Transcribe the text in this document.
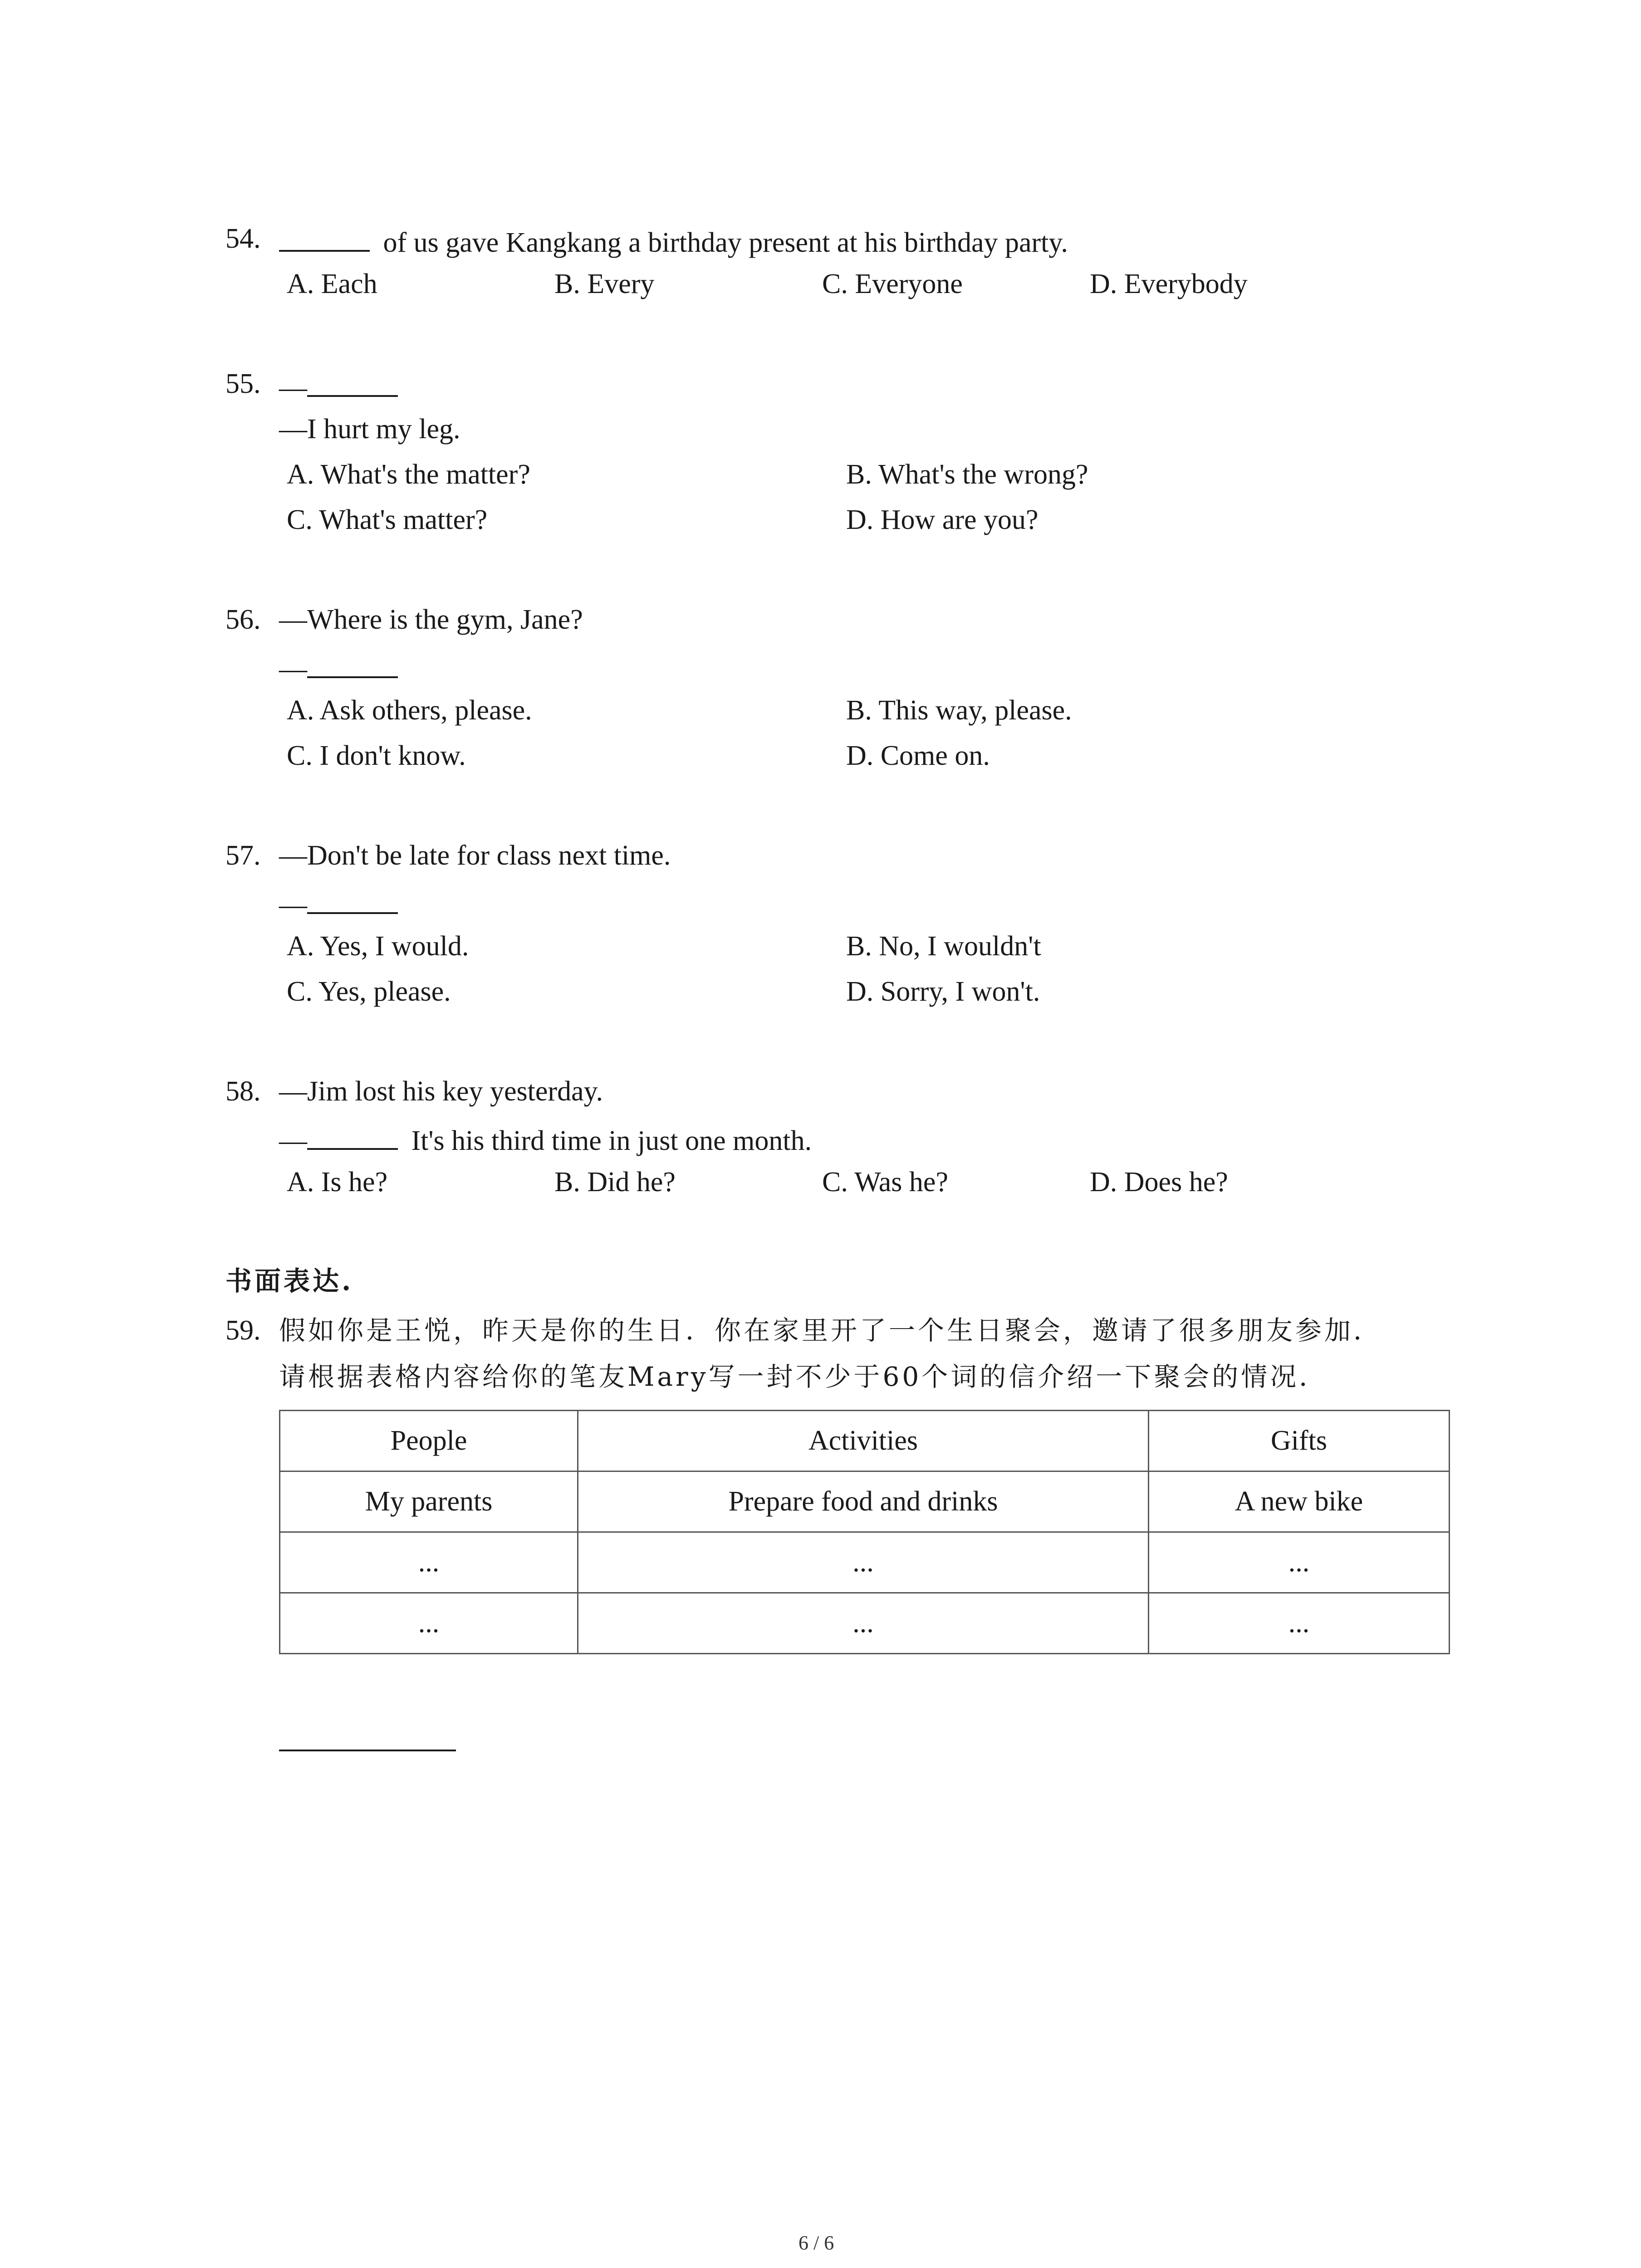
54.	of us gave Kangkang a birthday present at his birthday party.
A. Each	B. Every	C. Everyone	D. Everybody
55. —
—I hurt my leg.
A. What's the matter?	B. What's the wrong?
C. What's matter?	D. How are you?
56. —Where is the gym, Jane?
—
A. Ask others, please.	B. This way, please.
C. I don't know.	D. Come on.
57. —Don't be late for class next time.
—
A. Yes, I would.	B. No, I wouldn't
C. Yes, please.	D. Sorry, I won't.
58. —Jim lost his key yesterday.
—	It's his third time in just one month.
A. Is he?	B. Did he?	C. Was he?	D. Does he?
书面表达.
59. 假如你是王悦，昨天是你的生日．你在家里开了一个生日聚会，邀请了很多朋友参加．
请根据表格内容给你的笔友Mary写一封不少于60个词的信介绍一下聚会的情况．
People	Activities	Gifts
My parents	Prepare food and drinks	A new bike
...	...	...
...	...	...
6 / 6
